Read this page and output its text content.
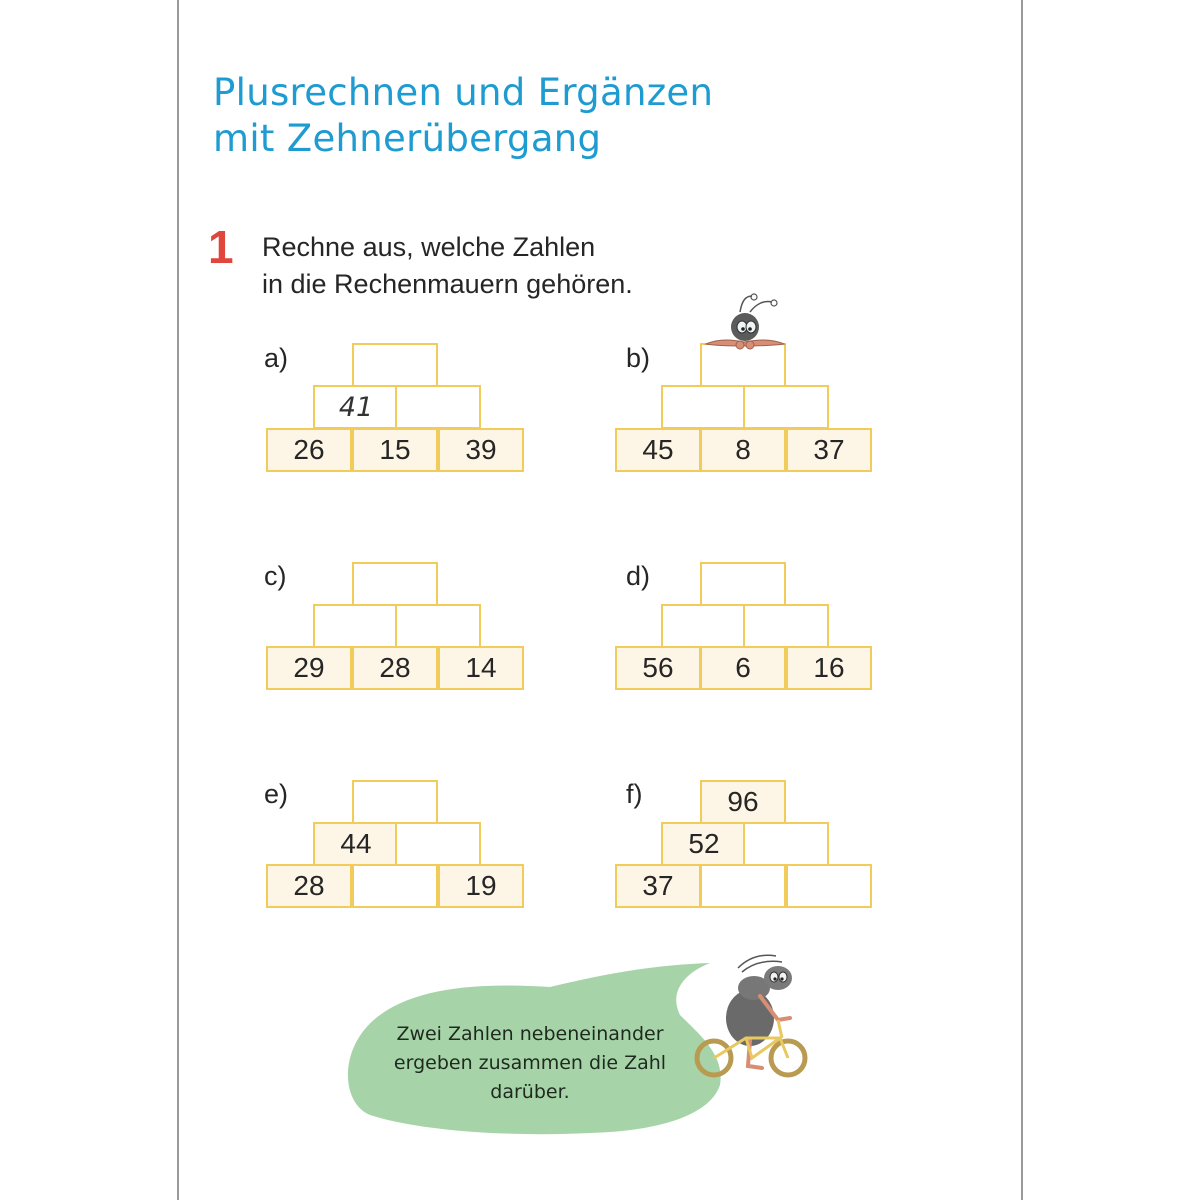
Plusrechnen und Ergänzen
mit Zehnerübergang
1 Rechne aus, welche Zahlen
in die Rechenmauern gehören.
a)
41
26	15	39
b)
45	8	37
c)
29	28	14
d)
56	6	16
e)
44
28	19
f)	96
52
37
Zwei Zahlen nebeneinander
ergeben zusammen die Zahl
darüber.
